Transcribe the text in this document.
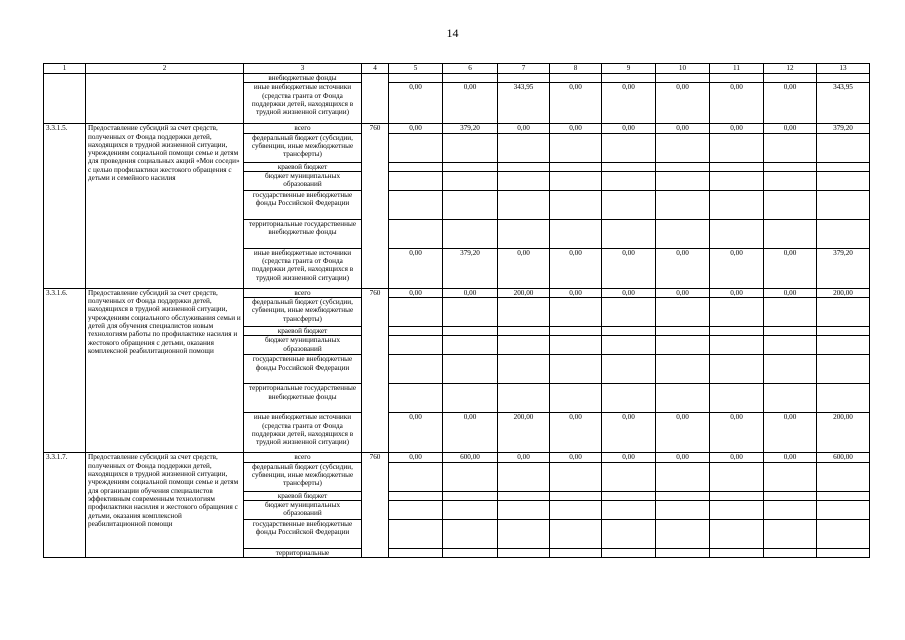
14
1	2	3	4	5	6	7	8	9	10	11	12	13
		внебюджетные фонды										
		иные внебюджетные источники (средства гранта от Фонда поддержки детей, находящихся в трудной жизненной ситуации)		0,00	0,00	343,95	0,00	0,00	0,00	0,00	0,00	343,95
3.3.1.5.	Предоставление субсидий за счет средств, полученных от Фонда поддержки детей, находящихся в трудной жизненной ситуации, учреждениям социальной помощи семье и детям для проведения социальных акций «Мои соседи» с целью профилактики жестокого обращения с детьми и семейного насилия	всего	760	0,00	379,20	0,00	0,00	0,00	0,00	0,00	0,00	379,20
		федеральный бюджет (субсидии, субвенции, иные межбюджетные трансферты)										
		краевой бюджет										
		бюджет муниципальных образований										
		государственные внебюджетные фонды Российской Федерации										
		территориальные государственные внебюджетные фонды										
		иные внебюджетные источники (средства гранта от Фонда поддержки детей, находящихся в трудной жизненной ситуации)		0,00	379,20	0,00	0,00	0,00	0,00	0,00	0,00	379,20
3.3.1.6.	Предоставление субсидий за счет средств, полученных от Фонда поддержки детей, находящихся в трудной жизненной ситуации, учреждениям социального обслуживания семьи и детей для обучения специалистов новым технологиям работы по профилактике насилия и жестокого обращения с детьми, оказания комплексной реабилитационной помощи	всего	760	0,00	0,00	200,00	0,00	0,00	0,00	0,00	0,00	200,00
		федеральный бюджет (субсидии, субвенции, иные межбюджетные трансферты)										
		краевой бюджет										
		бюджет муниципальных образований										
		государственные внебюджетные фонды Российской Федерации										
		территориальные государственные внебюджетные фонды										
		иные внебюджетные источники (средства гранта от Фонда поддержки детей, находящихся в трудной жизненной ситуации)		0,00	0,00	200,00	0,00	0,00	0,00	0,00	0,00	200,00
3.3.1.7.	Предоставление субсидий за счет средств, полученных от Фонда поддержки детей, находящихся в трудной жизненной ситуации, учреждениям социальной помощи семье и детям для организации обучения специалистов эффективным современным технологиям профилактики насилия и жестокого обращения с детьми, оказания комплексной реабилитационной помощи	всего	760	0,00	600,00	0,00	0,00	0,00	0,00	0,00	0,00	600,00
		федеральный бюджет (субсидии, субвенции, иные межбюджетные трансферты)										
		краевой бюджет										
		бюджет муниципальных образований										
		государственные внебюджетные фонды Российской Федерации										
		территориальные										
